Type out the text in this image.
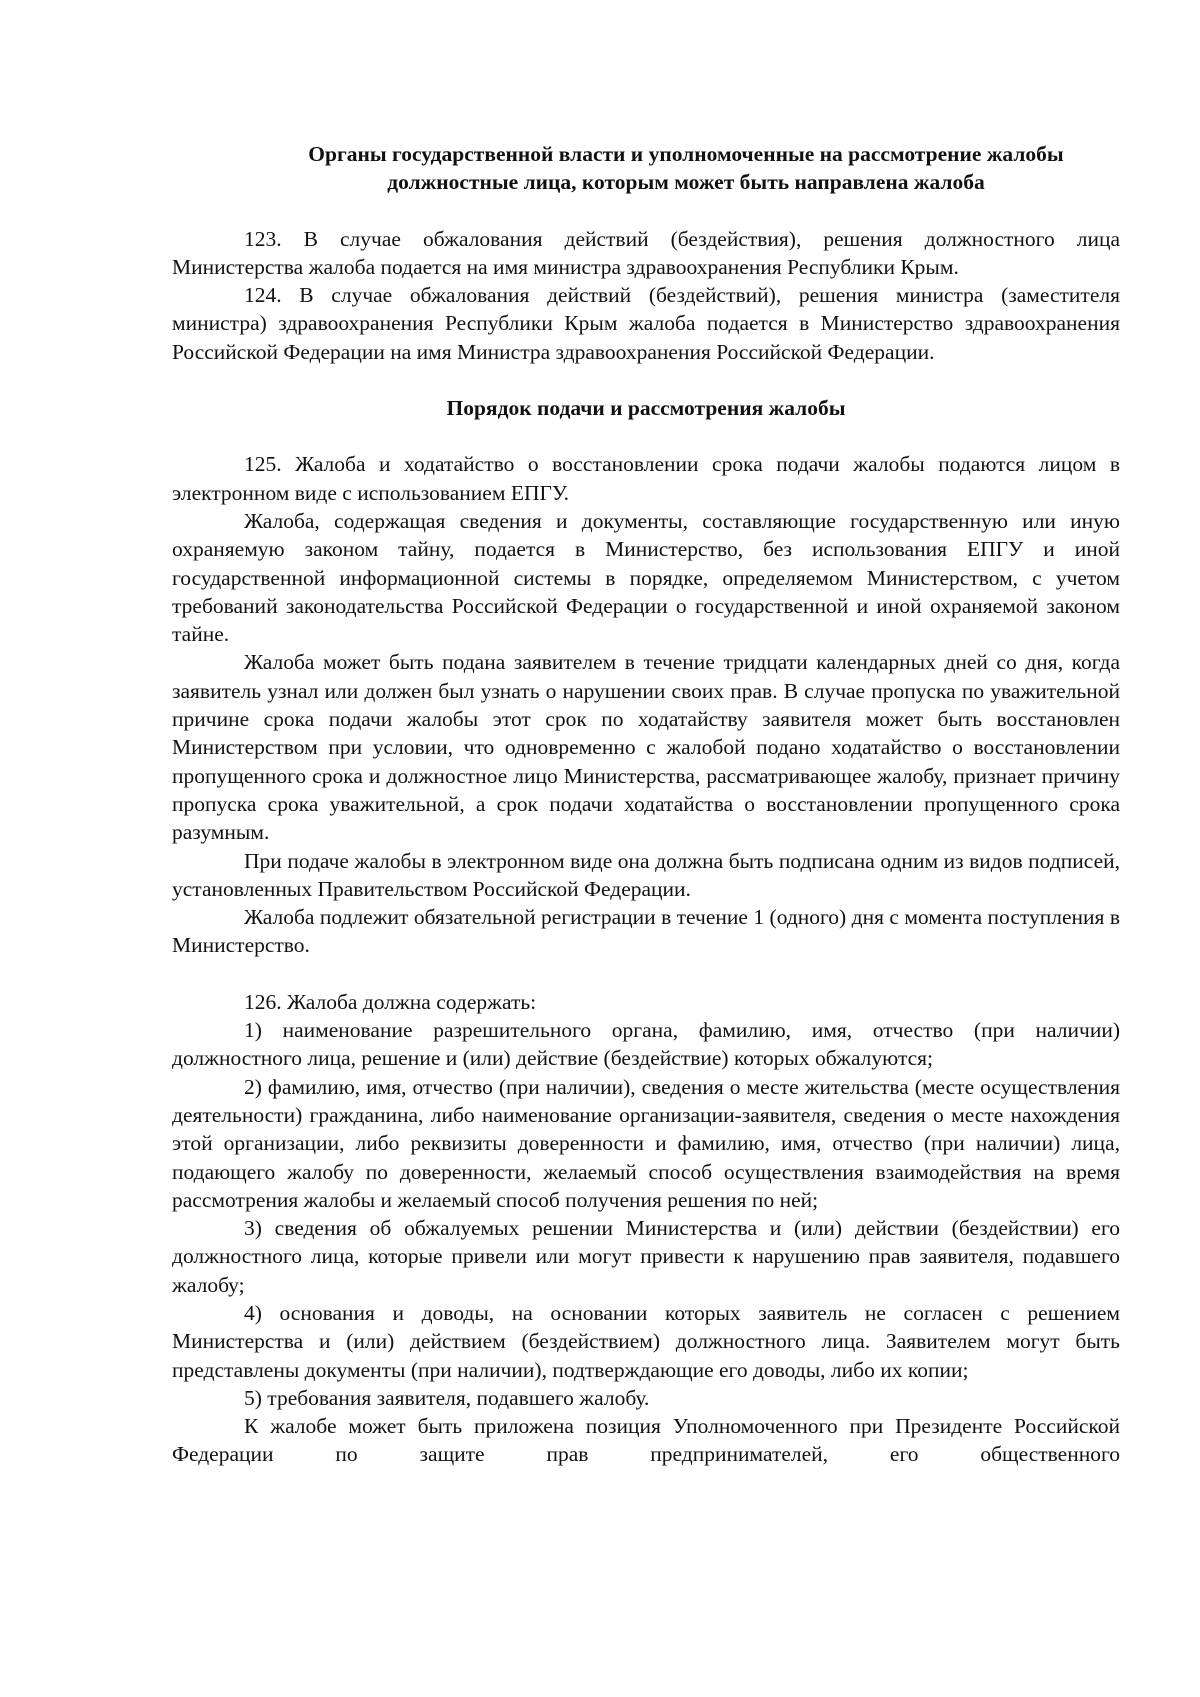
Органы государственной власти и уполномоченные на рассмотрение жалобы
должностные лица, которым может быть направлена жалоба

123. В случае обжалования действий (бездействия), решения должностного лица Министерства жалоба подается на имя министра здравоохранения Республики Крым.

124. В случае обжалования действий (бездействий), решения министра (заместителя министра) здравоохранения Республики Крым жалоба подается в Министерство здравоохранения Российской Федерации на имя Министра здравоохранения Российской Федерации.

Порядок подачи и рассмотрения жалобы

125. Жалоба и ходатайство о восстановлении срока подачи жалобы подаются лицом в электронном виде с использованием ЕПГУ.

Жалоба, содержащая сведения и документы, составляющие государственную или иную охраняемую законом тайну, подается в Министерство, без использования ЕПГУ и иной государственной информационной системы в порядке, определяемом Министерством, с учетом требований законодательства Российской Федерации о государственной и иной охраняемой законом тайне.

Жалоба может быть подана заявителем в течение тридцати календарных дней со дня, когда заявитель узнал или должен был узнать о нарушении своих прав. В случае пропуска по уважительной причине срока подачи жалобы этот срок по ходатайству заявителя может быть восстановлен Министерством при условии, что одновременно с жалобой подано ходатайство о восстановлении пропущенного срока и должностное лицо Министерства, рассматривающее жалобу, признает причину пропуска срока уважительной, а срок подачи ходатайства о восстановлении пропущенного срока разумным.

При подаче жалобы в электронном виде она должна быть подписана одним из видов подписей, установленных Правительством Российской Федерации.

Жалоба подлежит обязательной регистрации в течение 1 (одного) дня с момента поступления в Министерство.

126. Жалоба должна содержать:

1) наименование разрешительного органа, фамилию, имя, отчество (при наличии) должностного лица, решение и (или) действие (бездействие) которых обжалуются;

2) фамилию, имя, отчество (при наличии), сведения о месте жительства (месте осуществления деятельности) гражданина, либо наименование организации-заявителя, сведения о месте нахождения этой организации, либо реквизиты доверенности и фамилию, имя, отчество (при наличии) лица, подающего жалобу по доверенности, желаемый способ осуществления взаимодействия на время рассмотрения жалобы и желаемый способ получения решения по ней;

3) сведения об обжалуемых решении Министерства и (или) действии (бездействии) его должностного лица, которые привели или могут привести к нарушению прав заявителя, подавшего жалобу;

4) основания и доводы, на основании которых заявитель не согласен с решением Министерства и (или) действием (бездействием) должностного лица. Заявителем могут быть представлены документы (при наличии), подтверждающие его доводы, либо их копии;

5) требования заявителя, подавшего жалобу.

К жалобе может быть приложена позиция Уполномоченного при Президенте Российской Федерации по защите прав предпринимателей, его общественного
